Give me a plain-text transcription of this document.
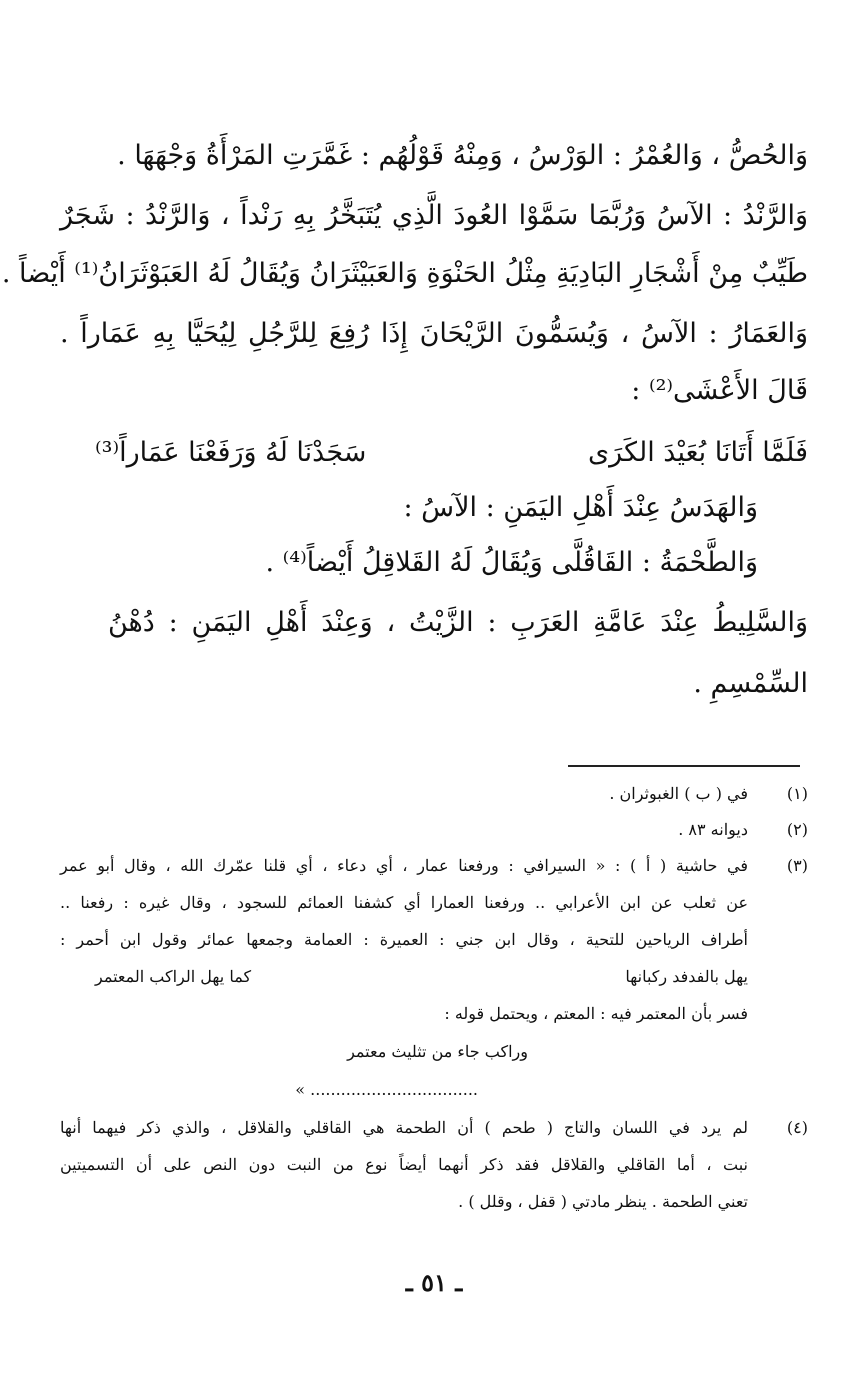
وَالحُصُّ ، وَالعُمْرُ : الوَرْسُ ، وَمِنْهُ قَوْلُهُم : غَمَّرَتِ المَرْأَةُ وَجْهَهَا .
وَالرَّنْدُ : الآسُ وَرُبَّمَا سَمَّوْا العُودَ الَّذِي يُتَبَخَّرُ بِهِ رَنْداً ، وَالرَّنْدُ : شَجَرٌ
طَيِّبٌ مِنْ أَشْجَارِ البَادِيَةِ مِثْلُ الحَنْوَةِ وَالعَبَيْثَرَانُ وَيُقَالُ لَهُ العَبَوْثَرَانُ⁽¹⁾ أَيْضاً .
وَالعَمَارُ : الآسُ ، وَيُسَمُّونَ الرَّيْحَانَ إِذَا رُفِعَ لِلرَّجُلِ لِيُحَيَّا بِهِ عَمَاراً .
قَالَ الأَعْشَى⁽²⁾ :
فَلَمَّا أَتَانَا بُعَيْدَ الكَرَى
سَجَدْنَا لَهُ وَرَفَعْنَا عَمَاراً⁽³⁾
وَالهَدَسُ عِنْدَ أَهْلِ اليَمَنِ : الآسُ :
وَالطَّحْمَةُ : القَاقُلَّى وَيُقَالُ لَهُ القَلاقِلُ أَيْضاً⁽⁴⁾ .
وَالسَّلِيطُ عِنْدَ عَامَّةِ العَرَبِ : الزَّيْتُ ، وَعِنْدَ أَهْلِ اليَمَنِ : دُهْنُ
السِّمْسِمِ .
(١)
في ( ب ) الغبوثران .
(٢)
ديوانه ٨٣ .
(٣)
في حاشية ( أ ) : « السيرافي : ورفعنا عمار ، أي دعاء ، أي قلنا عمّرك الله ، وقال أبو عمر
عن ثعلب عن ابن الأعرابي .. ورفعنا العمارا أي كشفنا العمائم للسجود ، وقال غيره : رفعنا ..
أطراف الرياحين للتحية ، وقال ابن جني : العميرة : العمامة وجمعها عمائر وقول ابن أحمر :
يهل بالفدفد ركبانها
كما يهل الراكب المعتمر
فسر بأن المعتمر فيه : المعتم ، ويحتمل قوله :
وراكب جاء من تثليث معتمر
................................. »
(٤)
لم يرد في اللسان والتاج ( طحم ) أن الطحمة هي القاقلي والقلاقل ، والذي ذكر فيهما أنها
نبت ، أما القاقلي والقلاقل فقد ذكر أنهما أيضاً نوع من النبت دون النص على أن التسميتين
تعني الطحمة . ينظر مادتي ( قفل ، وقلل ) .
ـ ٥١ ـ
